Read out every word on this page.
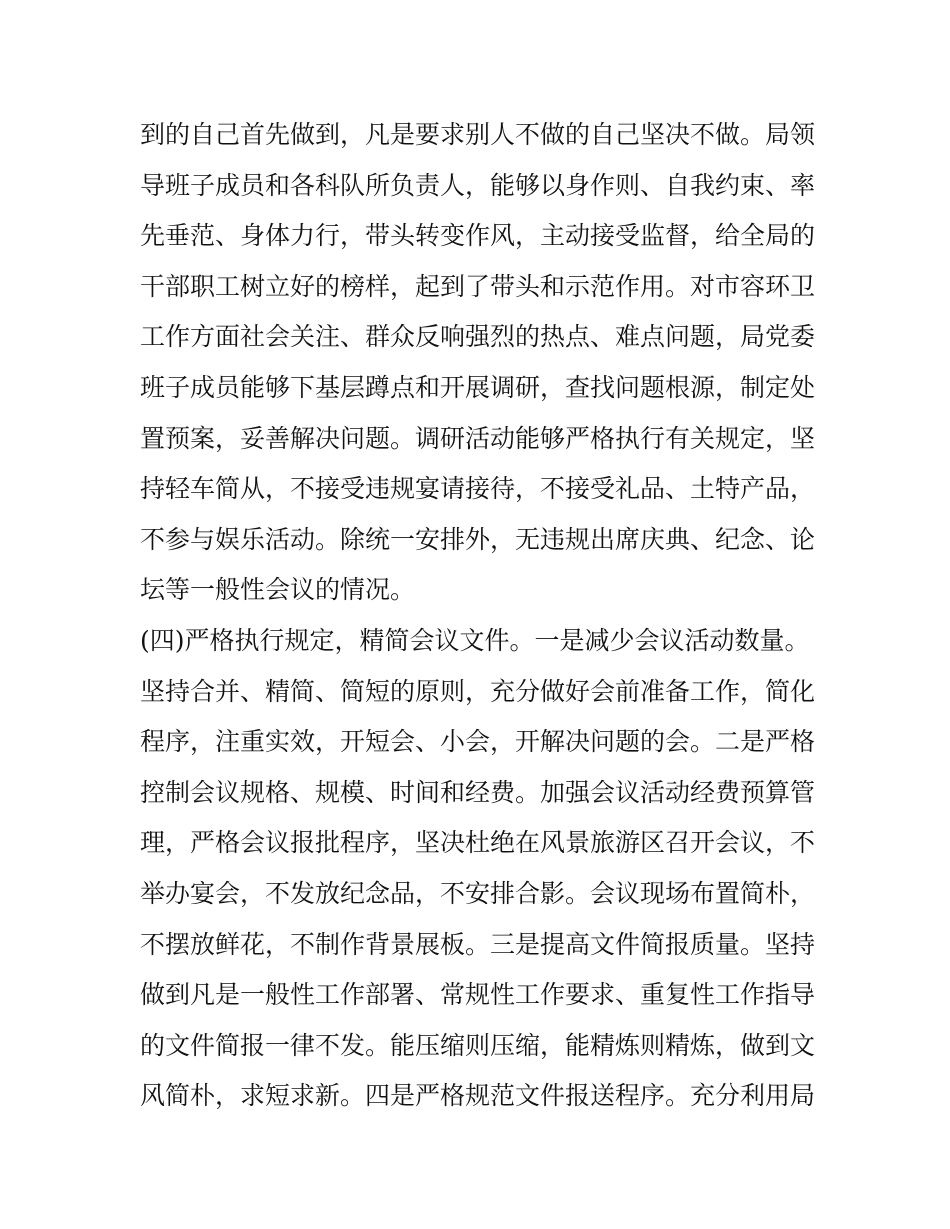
到的自己首先做到，凡是要求别人不做的自己坚决不做。局领
导班子成员和各科队所负责人，能够以身作则、自我约束、率
先垂范、身体力行，带头转变作风，主动接受监督，给全局的
干部职工树立好的榜样，起到了带头和示范作用。对市容环卫
工作方面社会关注、群众反响强烈的热点、难点问题，局党委
班子成员能够下基层蹲点和开展调研，查找问题根源，制定处
置预案，妥善解决问题。调研活动能够严格执行有关规定，坚
持轻车简从，不接受违规宴请接待，不接受礼品、土特产品，
不参与娱乐活动。除统一安排外，无违规出席庆典、纪念、论
坛等一般性会议的情况。
(四)严格执行规定，精简会议文件。一是减少会议活动数量。
坚持合并、精简、简短的原则，充分做好会前准备工作，简化
程序，注重实效，开短会、小会，开解决问题的会。二是严格
控制会议规格、规模、时间和经费。加强会议活动经费预算管
理，严格会议报批程序，坚决杜绝在风景旅游区召开会议，不
举办宴会，不发放纪念品，不安排合影。会议现场布置简朴，
不摆放鲜花，不制作背景展板。三是提高文件简报质量。坚持
做到凡是一般性工作部署、常规性工作要求、重复性工作指导
的文件简报一律不发。能压缩则压缩，能精炼则精炼，做到文
风简朴，求短求新。四是严格规范文件报送程序。充分利用局
